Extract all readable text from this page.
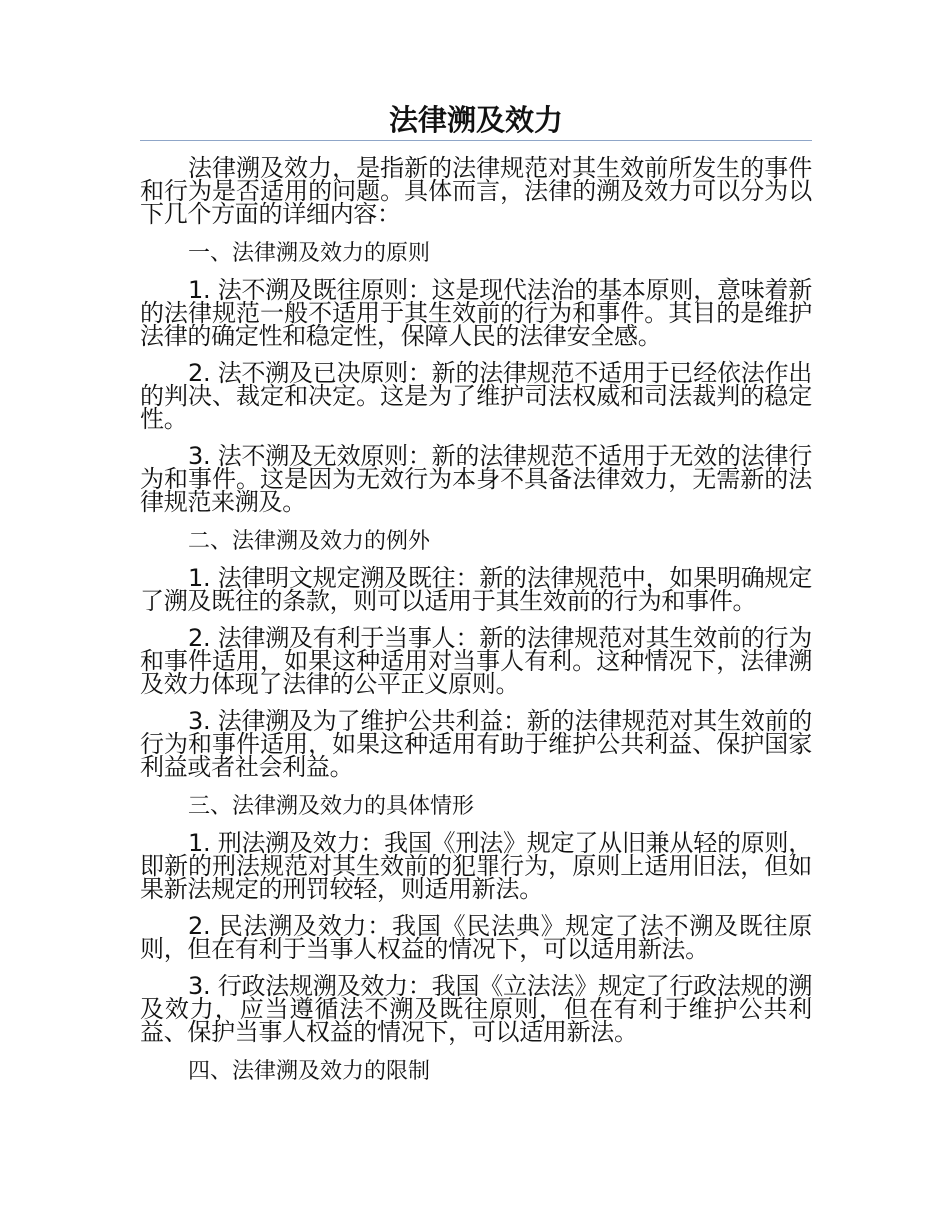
法律溯及效力

法律溯及效力，是指新的法律规范对其生效前所发生的事件和行为是否适用的问题。具体而言，法律的溯及效力可以分为以下几个方面的详细内容：

一、法律溯及效力的原则

1. 法不溯及既往原则：这是现代法治的基本原则，意味着新的法律规范一般不适用于其生效前的行为和事件。其目的是维护法律的确定性和稳定性，保障人民的法律安全感。

2. 法不溯及已决原则：新的法律规范不适用于已经依法作出的判决、裁定和决定。这是为了维护司法权威和司法裁判的稳定性。

3. 法不溯及无效原则：新的法律规范不适用于无效的法律行为和事件。这是因为无效行为本身不具备法律效力，无需新的法律规范来溯及。

二、法律溯及效力的例外

1. 法律明文规定溯及既往：新的法律规范中，如果明确规定了溯及既往的条款，则可以适用于其生效前的行为和事件。

2. 法律溯及有利于当事人：新的法律规范对其生效前的行为和事件适用，如果这种适用对当事人有利。这种情况下，法律溯及效力体现了法律的公平正义原则。

3. 法律溯及为了维护公共利益：新的法律规范对其生效前的行为和事件适用，如果这种适用有助于维护公共利益、保护国家利益或者社会利益。

三、法律溯及效力的具体情形

1. 刑法溯及效力：我国《刑法》规定了从旧兼从轻的原则，即新的刑法规范对其生效前的犯罪行为，原则上适用旧法，但如果新法规定的刑罚较轻，则适用新法。

2. 民法溯及效力：我国《民法典》规定了法不溯及既往原则，但在有利于当事人权益的情况下，可以适用新法。

3. 行政法规溯及效力：我国《立法法》规定了行政法规的溯及效力，应当遵循法不溯及既往原则，但在有利于维护公共利益、保护当事人权益的情况下，可以适用新法。

四、法律溯及效力的限制
